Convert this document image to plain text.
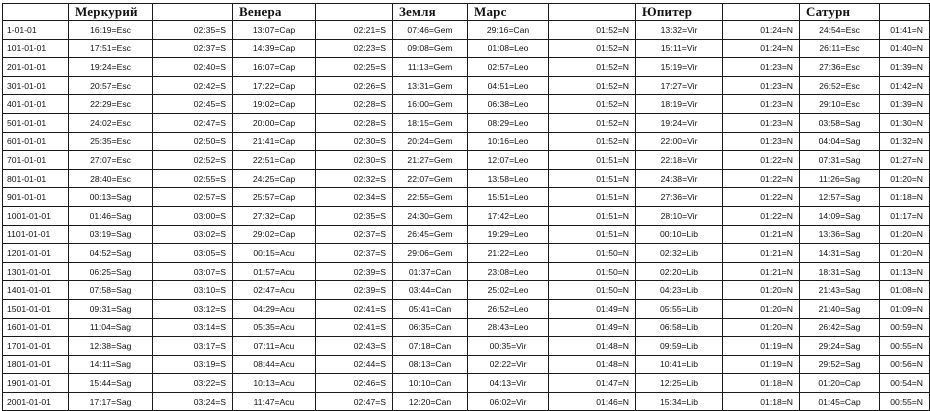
	Меркурий		Венера		Земля	Марс		Юпитер		Сатурн	
1-01-01	16:19=Esc	02:35=S	13:07=Cap	02:21=S	07:46=Gem	29:16=Can	01:52=N	13:32=Vir	01:24=N	24:54=Esc	01:41=N
101-01-01	17:51=Esc	02:37=S	14:39=Cap	02:23=S	09:08=Gem	01:08=Leo	01:52=N	15:11=Vir	01:24=N	26:11=Esc	01:40=N
201-01-01	19:24=Esc	02:40=S	16:07=Cap	02:25=S	11:13=Gem	02:57=Leo	01:52=N	15:19=Vir	01:23=N	27:36=Esc	01:39=N
301-01-01	20:57=Esc	02:42=S	17:22=Cap	02:26=S	13:31=Gem	04:51=Leo	01:52=N	17:27=Vir	01:23=N	26:52=Esc	01:42=N
401-01-01	22:29=Esc	02:45=S	19:02=Cap	02:28=S	16:00=Gem	06:38=Leo	01:52=N	18:19=Vir	01:23=N	29:10=Esc	01:39=N
501-01-01	24:02=Esc	02:47=S	20:00=Cap	02:28=S	18:15=Gem	08:29=Leo	01:52=N	19:24=Vir	01:23=N	03:58=Sag	01:30=N
601-01-01	25:35=Esc	02:50=S	21:41=Cap	02:30=S	20:24=Gem	10:16=Leo	01:52=N	22:00=Vir	01:23=N	04:04=Sag	01:32=N
701-01-01	27:07=Esc	02:52=S	22:51=Cap	02:30=S	21:27=Gem	12:07=Leo	01:51=N	22:18=Vir	01:22=N	07:31=Sag	01:27=N
801-01-01	28:40=Esc	02:55=S	24:25=Cap	02:32=S	22:07=Gem	13:58=Leo	01:51=N	24:38=Vir	01:22=N	11:26=Sag	01:20=N
901-01-01	00:13=Sag	02:57=S	25:57=Cap	02:34=S	22:55=Gem	15:51=Leo	01:51=N	27:36=Vir	01:22=N	12:57=Sag	01:18=N
1001-01-01	01:46=Sag	03:00=S	27:32=Cap	02:35=S	24:30=Gem	17:42=Leo	01:51=N	28:10=Vir	01:22=N	14:09=Sag	01:17=N
1101-01-01	03:19=Sag	03:02=S	29:02=Cap	02:37=S	26:45=Gem	19:29=Leo	01:51=N	00:10=Lib	01:21=N	13:36=Sag	01:20=N
1201-01-01	04:52=Sag	03:05=S	00:15=Acu	02:37=S	29:06=Gem	21:22=Leo	01:50=N	02:32=Lib	01:21=N	14:31=Sag	01:20=N
1301-01-01	06:25=Sag	03:07=S	01:57=Acu	02:39=S	01:37=Can	23:08=Leo	01:50=N	02:20=Lib	01:21=N	18:31=Sag	01:13=N
1401-01-01	07:58=Sag	03:10=S	02:47=Acu	02:39=S	03:44=Can	25:02=Leo	01:50=N	04:23=Lib	01:20=N	21:43=Sag	01:08=N
1501-01-01	09:31=Sag	03:12=S	04:29=Acu	02:41=S	05:41=Can	26:52=Leo	01:49=N	05:55=Lib	01:20=N	21:40=Sag	01:09=N
1601-01-01	11:04=Sag	03:14=S	05:35=Acu	02:41=S	06:35=Can	28:43=Leo	01:49=N	06:58=Lib	01:20=N	26:42=Sag	00:59=N
1701-01-01	12:38=Sag	03:17=S	07:11=Acu	02:43=S	07:18=Can	00:35=Vir	01:48=N	09:59=Lib	01:19=N	29:24=Sag	00:55=N
1801-01-01	14:11=Sag	03:19=S	08:44=Acu	02:44=S	08:13=Can	02:22=Vir	01:48=N	10:41=Lib	01:19=N	29:52=Sag	00:56=N
1901-01-01	15:44=Sag	03:22=S	10:13=Acu	02:46=S	10:10=Can	04:13=Vir	01:47=N	12:25=Lib	01:18=N	01:20=Cap	00:54=N
2001-01-01	17:17=Sag	03:24=S	11:47=Acu	02:47=S	12:20=Can	06:02=Vir	01:46=N	15:34=Lib	01:18=N	01:45=Cap	00:55=N
